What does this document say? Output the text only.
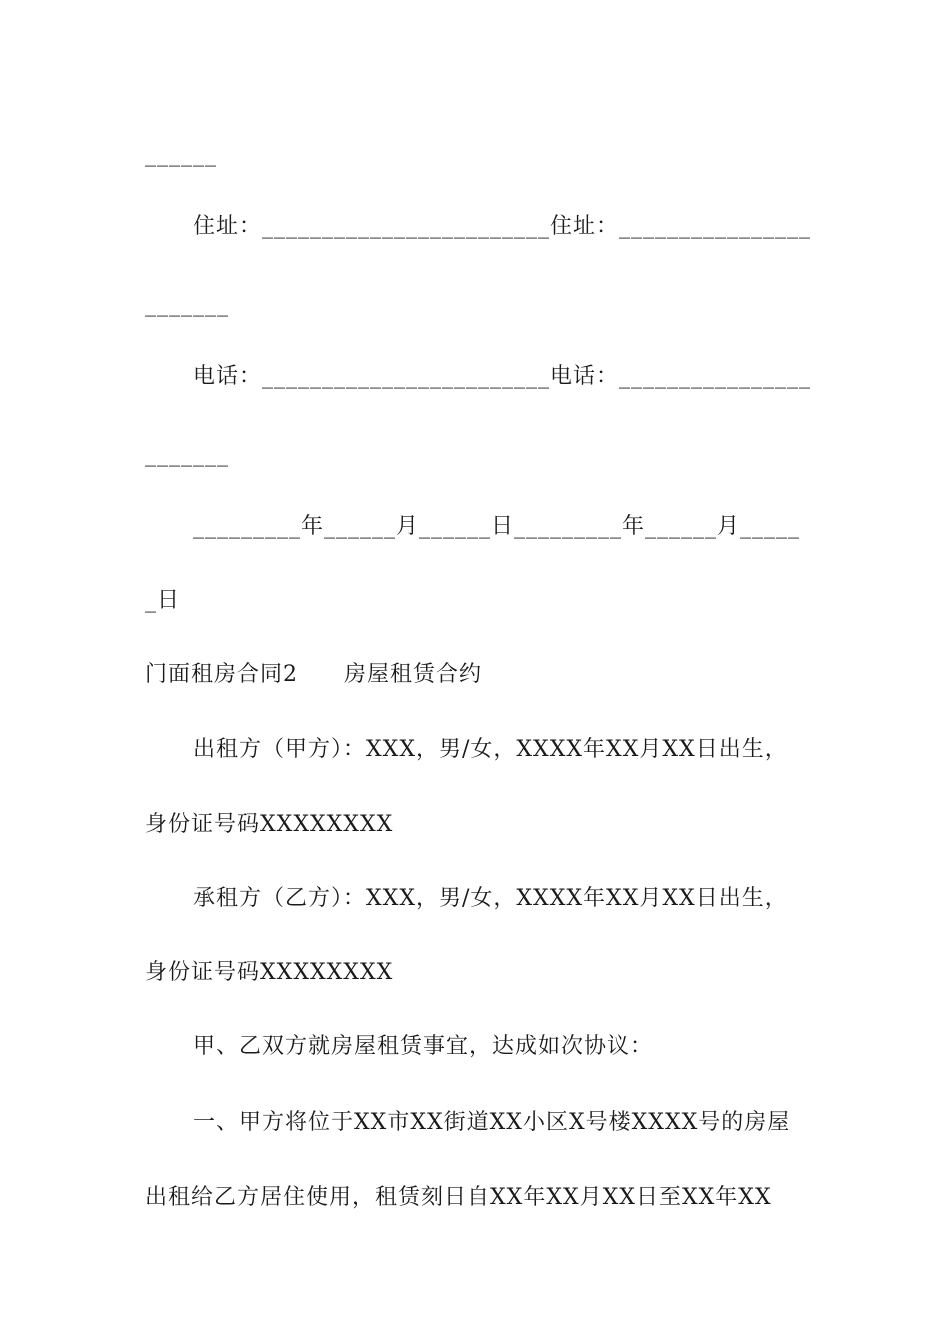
______
住址：________________________住址：________________
_______
电话：________________________电话：________________
_______
_________年______月______日_________年______月_____
_日
门面租房合同2　　房屋租赁合约
出租方（甲方）：XXX，男/女，XXXX年XX月XX日出生，
身份证号码XXXXXXXX
承租方（乙方）：XXX，男/女，XXXX年XX月XX日出生，
身份证号码XXXXXXXX
甲、乙双方就房屋租赁事宜，达成如次协议：
一、甲方将位于XX市XX街道XX小区X号楼XXXX号的房屋
出租给乙方居住使用，租赁刻日自XX年XX月XX日至XX年XX
